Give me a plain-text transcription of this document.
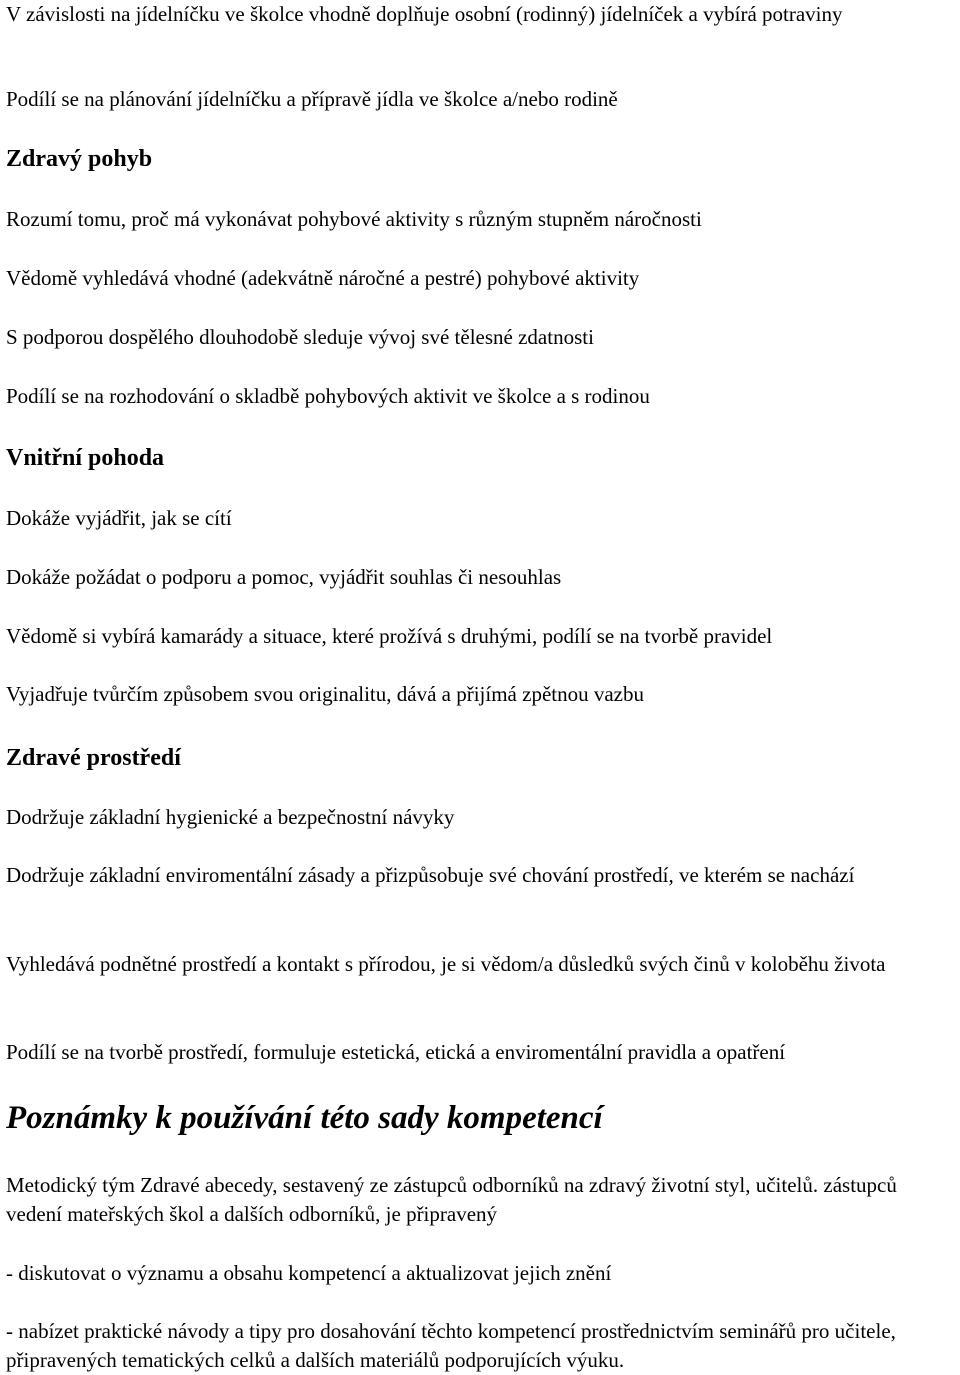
V závislosti na jídelníčku ve školce vhodně doplňuje osobní (rodinný) jídelníček a vybírá potraviny

Podílí se na plánování jídelníčku a přípravě jídla ve školce a/nebo rodině

Zdravý pohyb

Rozumí tomu, proč má vykonávat pohybové aktivity s různým stupněm náročnosti

Vědomě vyhledává vhodné (adekvátně náročné a pestré) pohybové aktivity

S podporou dospělého dlouhodobě sleduje vývoj své tělesné zdatnosti

Podílí se na rozhodování o skladbě pohybových aktivit ve školce a s rodinou

Vnitřní pohoda

Dokáže vyjádřit, jak se cítí

Dokáže požádat o podporu a pomoc, vyjádřit souhlas či nesouhlas

Vědomě si vybírá kamarády a situace, které prožívá s druhými, podílí se na tvorbě pravidel

Vyjadřuje tvůrčím způsobem svou originalitu, dává a přijímá zpětnou vazbu

Zdravé prostředí

Dodržuje základní hygienické a bezpečnostní návyky

Dodržuje základní enviromentální zásady a přizpůsobuje své chování prostředí, ve kterém se nachází

Vyhledává podnětné prostředí a kontakt s přírodou, je si vědom/a důsledků svých činů v koloběhu života

Podílí se na tvorbě prostředí, formuluje estetická, etická a enviromentální pravidla a opatření

Poznámky k používání této sady kompetencí

Metodický tým Zdravé abecedy, sestavený ze zástupců odborníků na zdravý životní styl, učitelů. zástupců vedení mateřských škol a dalších odborníků, je připravený

- diskutovat o významu a obsahu kompetencí a aktualizovat jejich znění

- nabízet praktické návody a tipy pro dosahování těchto kompetencí prostřednictvím seminářů pro učitele, připravených tematických celků a dalších materiálů podporujících výuku.
